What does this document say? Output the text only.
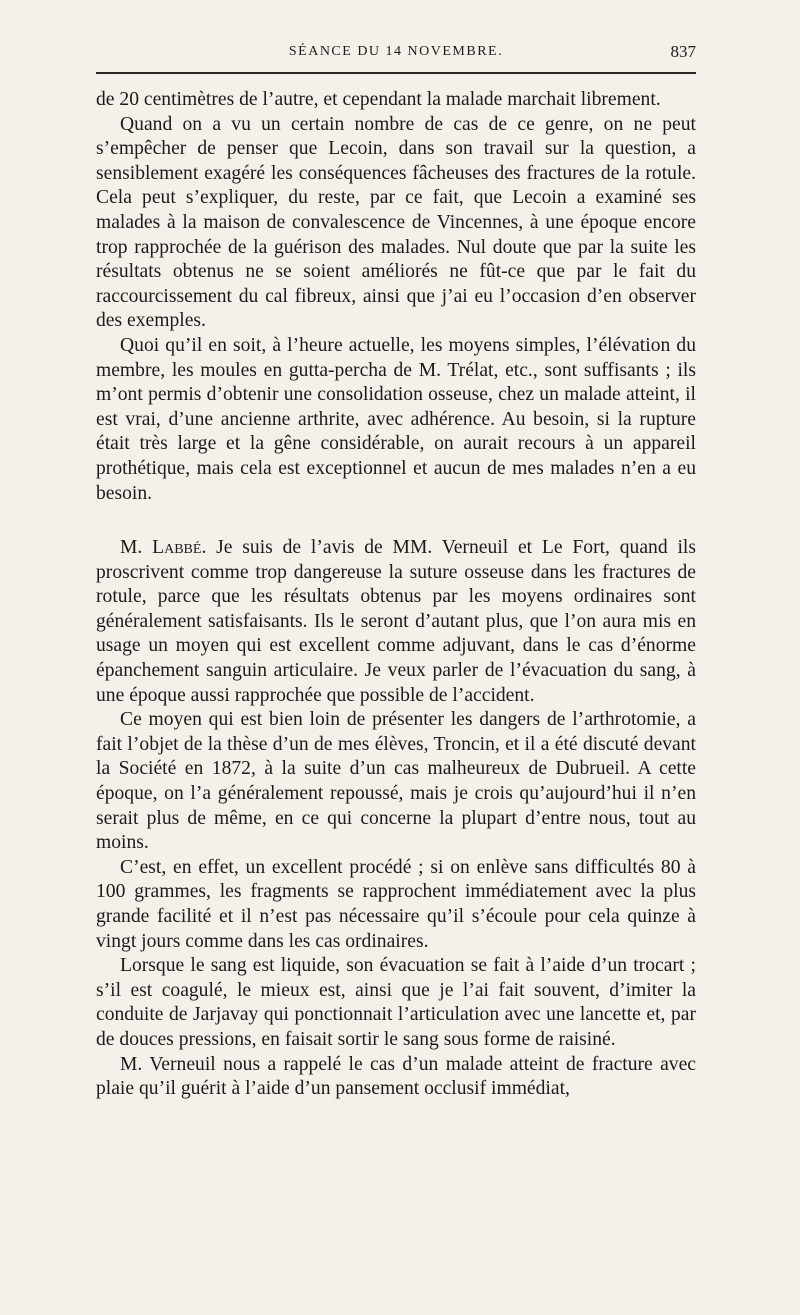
SÉANCE DU 14 NOVEMBRE.	837

de 20 centimètres de l’autre, et cependant la malade marchait librement.

Quand on a vu un certain nombre de cas de ce genre, on ne peut s’empêcher de penser que Lecoin, dans son travail sur la question, a sensiblement exagéré les conséquences fâcheuses des fractures de la rotule. Cela peut s’expliquer, du reste, par ce fait, que Lecoin a examiné ses malades à la maison de convalescence de Vincennes, à une époque encore trop rapprochée de la guérison des malades. Nul doute que par la suite les résultats obtenus ne se soient améliorés ne fût-ce que par le fait du raccourcissement du cal fibreux, ainsi que j’ai eu l’occasion d’en observer des exemples.

Quoi qu’il en soit, à l’heure actuelle, les moyens simples, l’élévation du membre, les moules en gutta-percha de M. Trélat, etc., sont suffisants ; ils m’ont permis d’obtenir une consolidation osseuse, chez un malade atteint, il est vrai, d’une ancienne arthrite, avec adhérence. Au besoin, si la rupture était très large et la gêne considérable, on aurait recours à un appareil prothétique, mais cela est exceptionnel et aucun de mes malades n’en a eu besoin.

M. Labbé. Je suis de l’avis de MM. Verneuil et Le Fort, quand ils proscrivent comme trop dangereuse la suture osseuse dans les fractures de rotule, parce que les résultats obtenus par les moyens ordinaires sont généralement satisfaisants. Ils le seront d’autant plus, que l’on aura mis en usage un moyen qui est excellent comme adjuvant, dans le cas d’énorme épanchement sanguin articulaire. Je veux parler de l’évacuation du sang, à une époque aussi rapprochée que possible de l’accident.

Ce moyen qui est bien loin de présenter les dangers de l’arthrotomie, a fait l’objet de la thèse d’un de mes élèves, Troncin, et il a été discuté devant la Société en 1872, à la suite d’un cas malheureux de Dubrueil. A cette époque, on l’a généralement repoussé, mais je crois qu’aujourd’hui il n’en serait plus de même, en ce qui concerne la plupart d’entre nous, tout au moins.

C’est, en effet, un excellent procédé ; si on enlève sans difficultés 80 à 100 grammes, les fragments se rapprochent immédiatement avec la plus grande facilité et il n’est pas nécessaire qu’il s’écoule pour cela quinze à vingt jours comme dans les cas ordinaires.

Lorsque le sang est liquide, son évacuation se fait à l’aide d’un trocart ; s’il est coagulé, le mieux est, ainsi que je l’ai fait souvent, d’imiter la conduite de Jarjavay qui ponctionnait l’articulation avec une lancette et, par de douces pressions, en faisait sortir le sang sous forme de raisiné.

M. Verneuil nous a rappelé le cas d’un malade atteint de fracture avec plaie qu’il guérit à l’aide d’un pansement occlusif immédiat,
